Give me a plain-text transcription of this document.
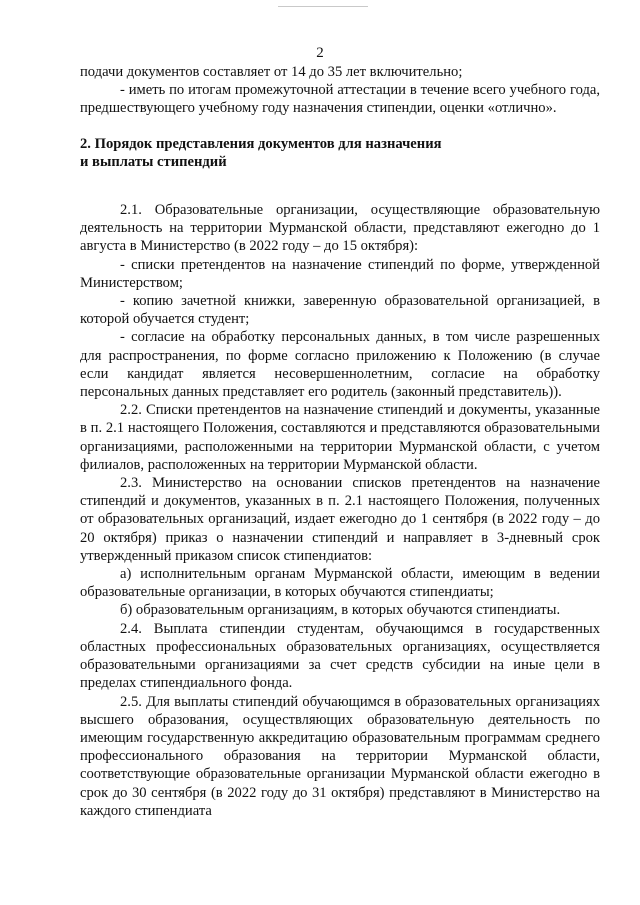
2

подачи документов составляет от 14 до 35 лет включительно;

- иметь по итогам промежуточной аттестации в течение всего учебного года, предшествующего учебному году назначения стипендии, оценки «отлично».

2. Порядок представления документов для назначения

и выплаты стипендий

2.1. Образовательные организации, осуществляющие образовательную деятельность на территории Мурманской области, представляют ежегодно до 1 августа в Министерство (в 2022 году – до 15 октября):

- списки претендентов на назначение стипендий по форме, утвержденной Министерством;

- копию зачетной книжки, заверенную образовательной организацией, в которой обучается студент;

- согласие на обработку персональных данных, в том числе разрешенных для распространения, по форме согласно приложению к Положению (в случае если кандидат является несовершеннолетним, согласие на обработку персональных данных представляет его родитель (законный представитель)).

2.2. Списки претендентов на назначение стипендий и документы, указанные в п. 2.1 настоящего Положения, составляются и представляются образовательными организациями, расположенными на территории Мурманской области, с учетом филиалов, расположенных на территории Мурманской области.

2.3. Министерство на основании списков претендентов на назначение стипендий и документов, указанных в п. 2.1 настоящего Положения, полученных от образовательных организаций, издает ежегодно до 1 сентября (в 2022 году – до 20 октября) приказ о назначении стипендий и направляет в 3-дневный срок утвержденный приказом список стипендиатов:

а) исполнительным органам Мурманской области, имеющим в ведении образовательные организации, в которых обучаются стипендиаты;

б) образовательным организациям, в которых обучаются стипендиаты.

2.4. Выплата стипендии студентам, обучающимся в государственных областных профессиональных образовательных организациях, осуществляется образовательными организациями за счет средств субсидии на иные цели в пределах стипендиального фонда.

2.5. Для выплаты стипендий обучающимся в образовательных организациях высшего образования, осуществляющих образовательную деятельность по имеющим государственную аккредитацию образовательным программам среднего профессионального образования на территории Мурманской области, соответствующие образовательные организации Мурманской области ежегодно в срок до 30 сентября (в 2022 году до 31 октября) представляют в Министерство на каждого стипендиата
